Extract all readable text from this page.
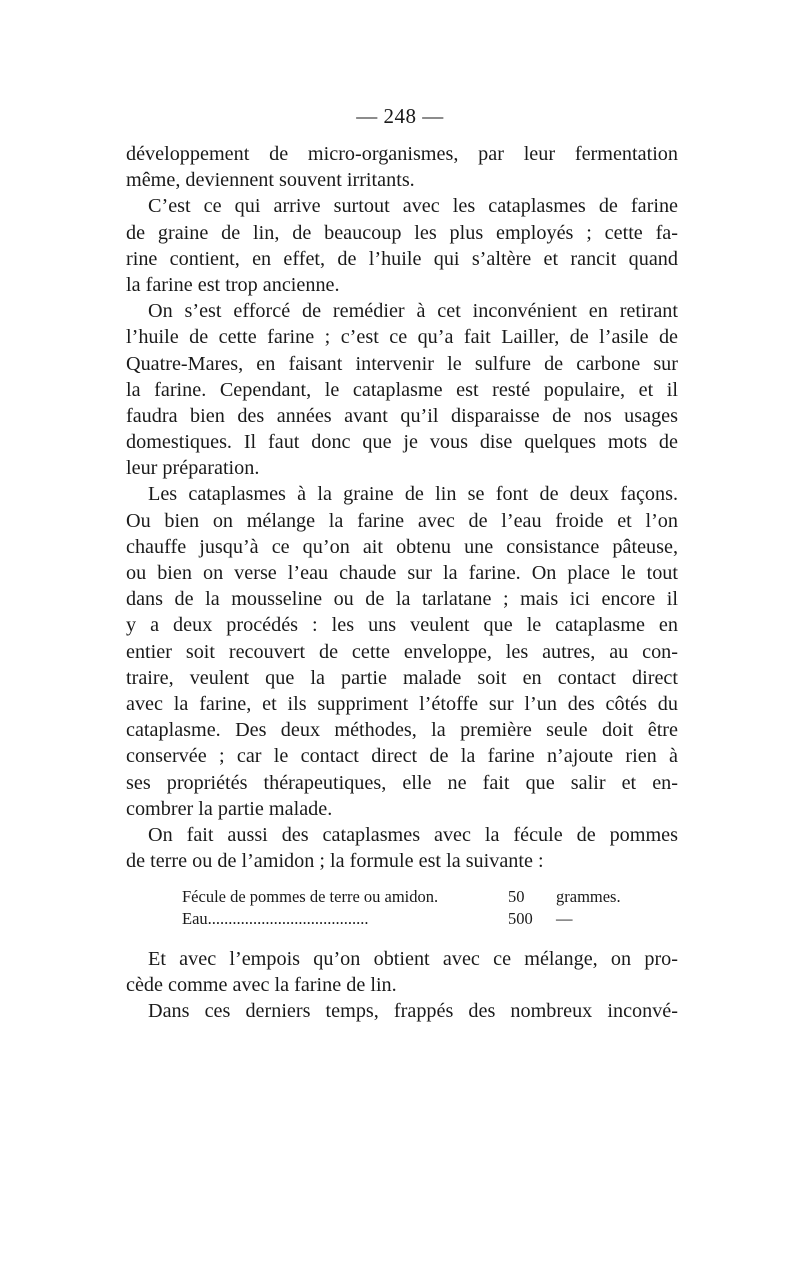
— 248 —
développement de micro-organismes, par leur fermentation
même, deviennent souvent irritants.
C’est ce qui arrive surtout avec les cataplasmes de farine
de graine de lin, de beaucoup les plus employés ; cette fa-
rine contient, en effet, de l’huile qui s’altère et rancit quand
la farine est trop ancienne.
On s’est efforcé de remédier à cet inconvénient en retirant
l’huile de cette farine ; c’est ce qu’a fait Lailler, de l’asile de
Quatre-Mares, en faisant intervenir le sulfure de carbone sur
la farine. Cependant, le cataplasme est resté populaire, et il
faudra bien des années avant qu’il disparaisse de nos usages
domestiques. Il faut donc que je vous dise quelques mots de
leur préparation.
Les cataplasmes à la graine de lin se font de deux façons.
Ou bien on mélange la farine avec de l’eau froide et l’on
chauffe jusqu’à ce qu’on ait obtenu une consistance pâteuse,
ou bien on verse l’eau chaude sur la farine. On place le tout
dans de la mousseline ou de la tarlatane ; mais ici encore il
y a deux procédés : les uns veulent que le cataplasme en
entier soit recouvert de cette enveloppe, les autres, au con-
traire, veulent que la partie malade soit en contact direct
avec la farine, et ils suppriment l’étoffe sur l’un des côtés du
cataplasme. Des deux méthodes, la première seule doit être
conservée ; car le contact direct de la farine n’ajoute rien à
ses propriétés thérapeutiques, elle ne fait que salir et en-
combrer la partie malade.
On fait aussi des cataplasmes avec la fécule de pommes
de terre ou de l’amidon ; la formule est la suivante :
Fécule de pommes de terre ou amidon.	50	grammes.
Eau.......................................	500	—
Et avec l’empois qu’on obtient avec ce mélange, on pro-
cède comme avec la farine de lin.
Dans ces derniers temps, frappés des nombreux inconvé-
